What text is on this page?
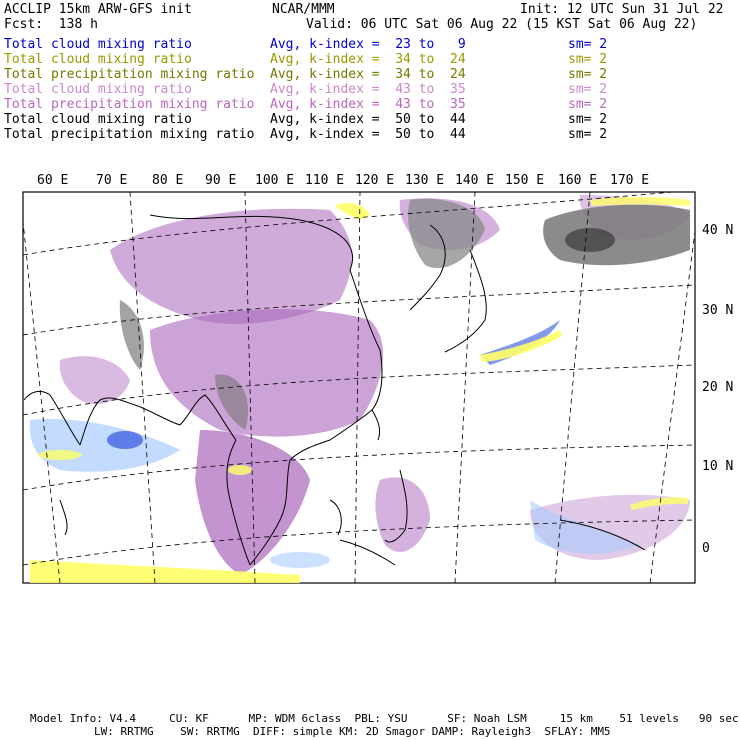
ACCLIP 15km ARW-GFS init	NCAR/MMM	Init: 12 UTC Sun 31 Jul 22
Fcst:  138 h	Valid: 06 UTC Sat 06 Aug 22 (15 KST Sat 06 Aug 22)
Total cloud mixing ratio	Avg, k-index =  23 to   9	sm= 2
Total cloud mixing ratio	Avg, k-index =  34 to  24	sm= 2
Total precipitation mixing ratio Avg, k-index =  34 to  24	sm= 2
Total cloud mixing ratio	Avg, k-index =  43 to  35	sm= 2
Total precipitation mixing ratio Avg, k-index =  43 to  35	sm= 2
Total cloud mixing ratio	Avg, k-index =  50 to  44	sm= 2
Total precipitation mixing ratio Avg, k-index =  50 to  44	sm= 2
60 E 70 E 80 E 90 E 100 E 110 E 120 E 130 E 140 E 150 E 160 E 170 E
40 N
30 N
20 N
10 N
0
Model Info: V4.4     CU: KF      MP: WDM 6class  PBL: YSU      SF: Noah LSM     15 km    51 levels   90 sec
LW: RRTMG    SW: RRTMG  DIFF: simple KM: 2D Smagor DAMP: Rayleigh3  SFLAY: MM5
